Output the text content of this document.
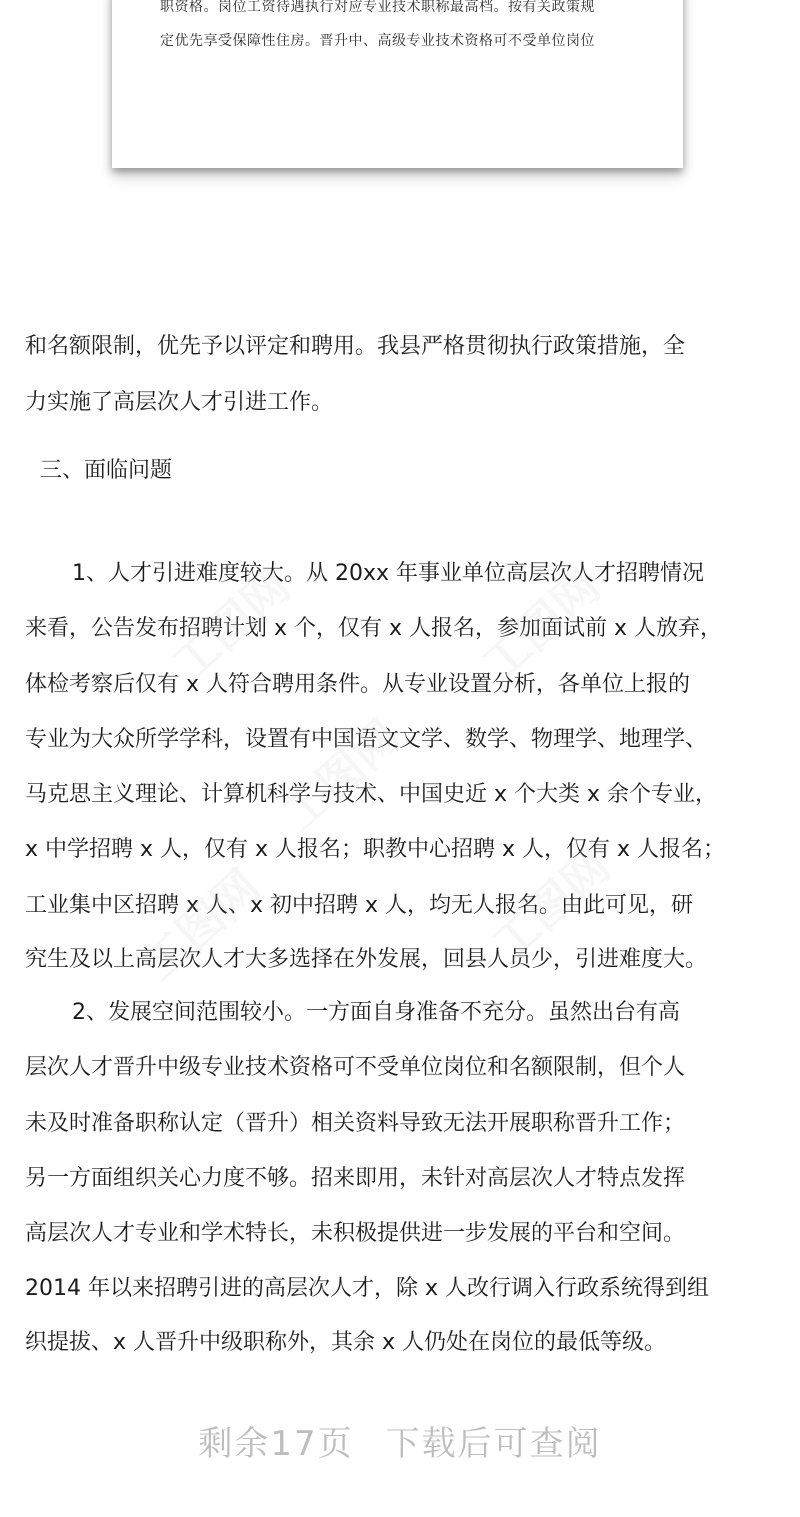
职资格。岗位工资待遇执行对应专业技术职称最高档。按有关政策规
定优先享受保障性住房。晋升中、高级专业技术资格可不受单位岗位
和名额限制，优先予以评定和聘用。我县严格贯彻执行政策措施，全
力实施了高层次人才引进工作。
三、面临问题
1、人才引进难度较大。从 20xx 年事业单位高层次人才招聘情况
来看，公告发布招聘计划 x 个，仅有 x 人报名，参加面试前 x 人放弃，
体检考察后仅有 x 人符合聘用条件。从专业设置分析，各单位上报的
专业为大众所学学科，设置有中国语文文学、数学、物理学、地理学、
马克思主义理论、计算机科学与技术、中国史近 x 个大类 x 余个专业，
x 中学招聘 x 人，仅有 x 人报名；职教中心招聘 x 人，仅有 x 人报名；
工业集中区招聘 x 人、x 初中招聘 x 人，均无人报名。由此可见，研
究生及以上高层次人才大多选择在外发展，回县人员少，引进难度大。
2、发展空间范围较小。一方面自身准备不充分。虽然出台有高
层次人才晋升中级专业技术资格可不受单位岗位和名额限制，但个人
未及时准备职称认定（晋升）相关资料导致无法开展职称晋升工作；
另一方面组织关心力度不够。招来即用，未针对高层次人才特点发挥
高层次人才专业和学术特长，未积极提供进一步发展的平台和空间。
2014 年以来招聘引进的高层次人才，除 x 人改行调入行政系统得到组
织提拔、x 人晋升中级职称外，其余 x 人仍处在岗位的最低等级。
工图网	工图网
工图网
工图网	工图网
剩余17页 下载后可查阅
